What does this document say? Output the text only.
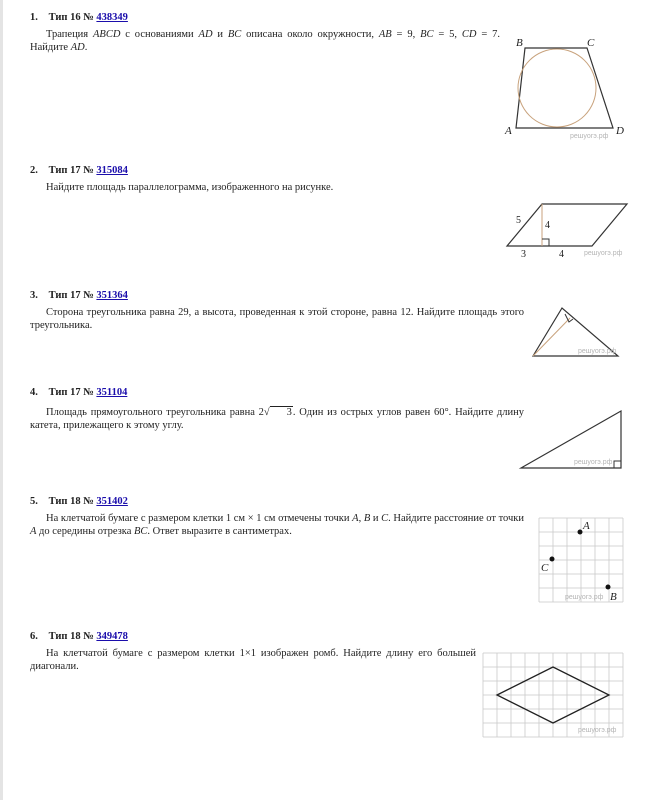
1. Тип 16 № 438349
Трапеция ABCD с основаниями AD и BC описана около окружности, AB = 9, BC = 5, CD = 7. Найдите AD.	B	C
A	D
решуогэ.рф
2. Тип 17 № 315084
Найдите площадь параллелограмма, изображенного на рисунке.
5 4
3	4	решуогэ.рф
3. Тип 17 № 351364
Сторона треугольника равна 29, а высота, проведенная к этой стороне, равна 12. Найдите площадь этого треугольника.
решуогэ.рф
4. Тип 17 № 351104
Площадь прямоугольного треугольника равна 2√ 3. Один из острых углов равен 60°. Найдите длину катета, прилежащего к этому углу.
решуогэ.рф
5. Тип 18 № 351402
На клетчатой бумаге с размером клетки 1 см × 1 см отмечены точки A, B и C. Найдите расстояние от точки A до середины отрезка BC. Ответ выразите в сантиметрах.	A
B
C
решуогэ.рф
6. Тип 18 № 349478
На клетчатой бумаге с размером клетки 1×1 изображен ромб. Найдите длину его большей диагонали.
решуогэ.рф
